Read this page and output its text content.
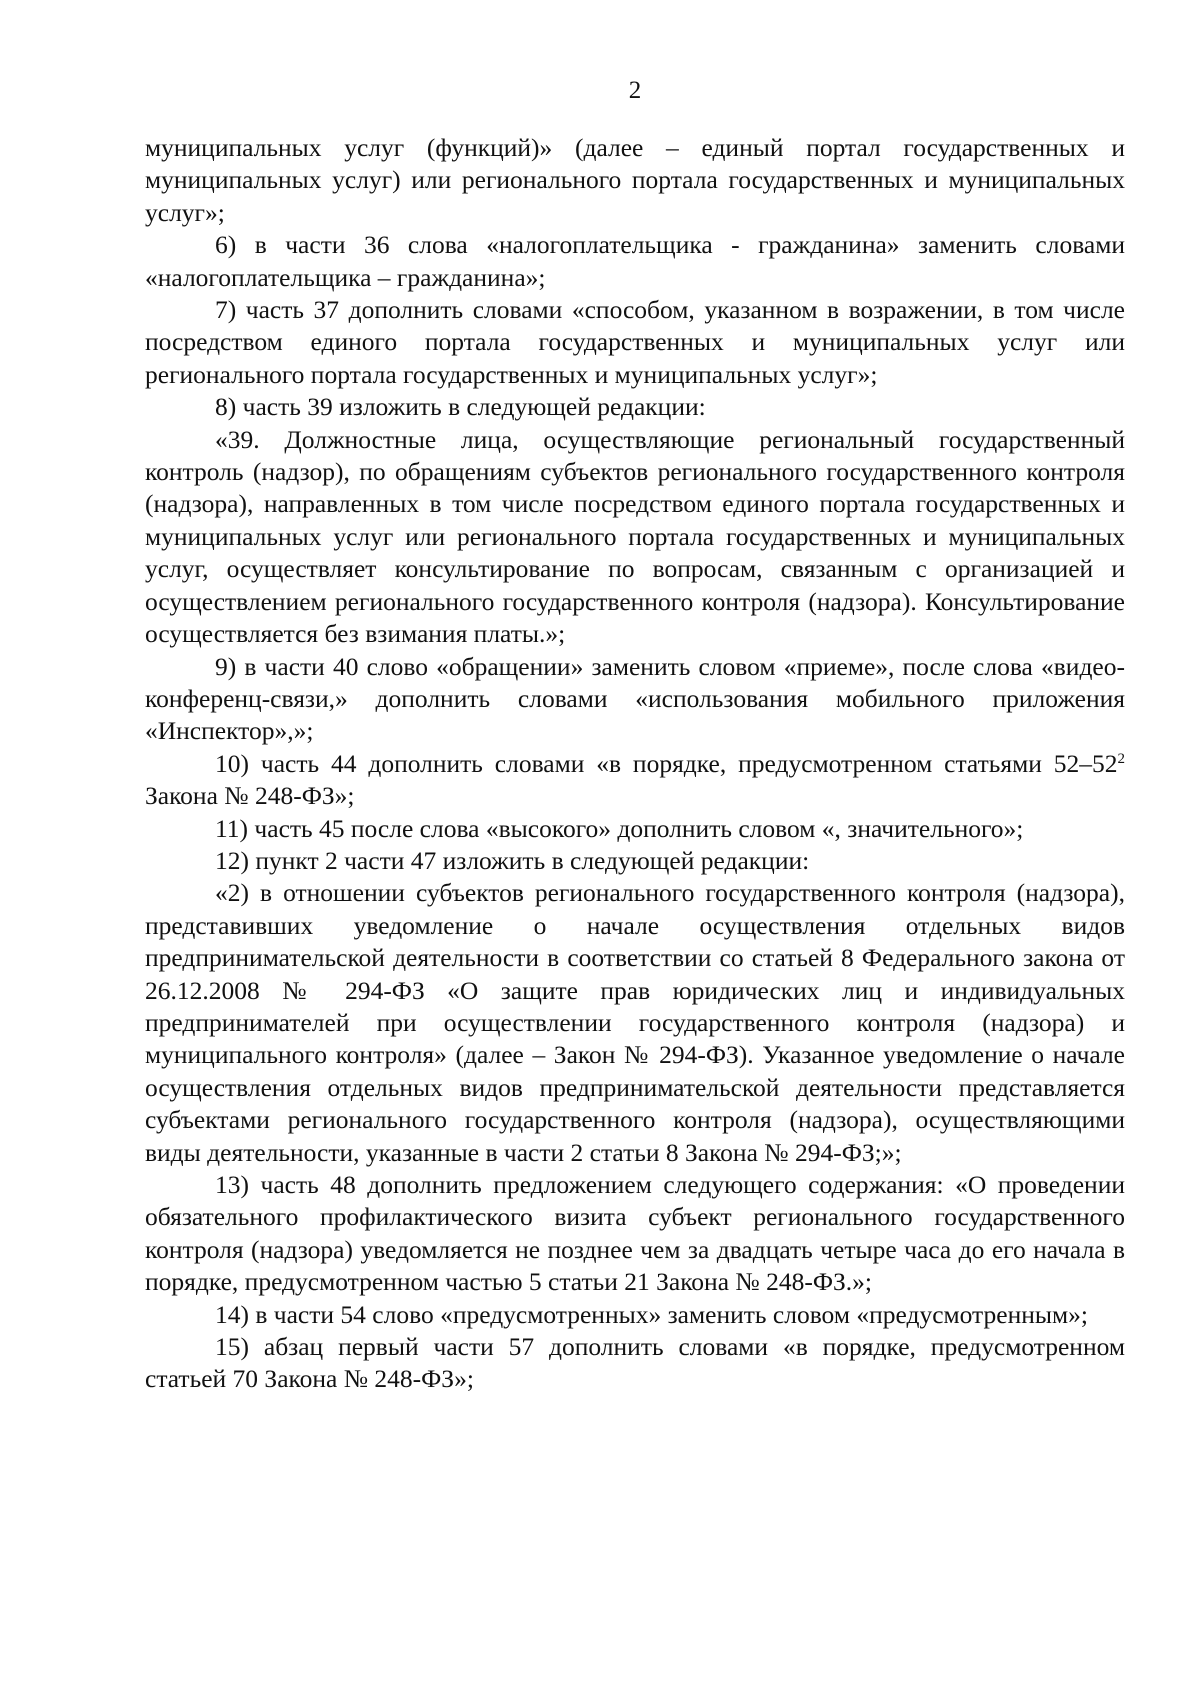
2

муниципальных услуг (функций)» (далее – единый портал государственных и муниципальных услуг) или регионального портала государственных и муниципальных услуг»;

6) в части 36 слова «налогоплательщика - гражданина» заменить словами «налогоплательщика – гражданина»;

7) часть 37 дополнить словами «способом, указанном в возражении, в том числе посредством единого портала государственных и муниципальных услуг или регионального портала государственных и муниципальных услуг»;

8) часть 39 изложить в следующей редакции:

«39. Должностные лица, осуществляющие региональный государственный контроль (надзор), по обращениям субъектов регионального государственного контроля (надзора), направленных в том числе посредством единого портала государственных и муниципальных услуг или регионального портала государственных и муниципальных услуг, осуществляет консультирование по вопросам, связанным с организацией и осуществлением регионального государственного контроля (надзора). Консультирование осуществляется без взимания платы.»;

9) в части 40 слово «обращении» заменить словом «приеме», после слова «видео-конференц-связи,» дополнить словами «использования мобильного приложения «Инспектор»,»;

10) часть 44 дополнить словами «в порядке, предусмотренном статьями $52-52^2$ Закона № 248-ФЗ»;

11) часть 45 после слова «высокого» дополнить словом «, значительного»;

12) пункт 2 части 47 изложить в следующей редакции:

«2) в отношении субъектов регионального государственного контроля (надзора), представивших уведомление о начале осуществления отдельных видов предпринимательской деятельности в соответствии со статьей 8 Федерального закона от 26.12.2008 № 294-ФЗ «О защите прав юридических лиц и индивидуальных предпринимателей при осуществлении государственного контроля (надзора) и муниципального контроля» (далее – Закон № 294-ФЗ). Указанное уведомление о начале осуществления отдельных видов предпринимательской деятельности представляется субъектами регионального государственного контроля (надзора), осуществляющими виды деятельности, указанные в части 2 статьи 8 Закона № 294-ФЗ;»;

13) часть 48 дополнить предложением следующего содержания: «О проведении обязательного профилактического визита субъект регионального государственного контроля (надзора) уведомляется не позднее чем за двадцать четыре часа до его начала в порядке, предусмотренном частью 5 статьи 21 Закона № 248-ФЗ.»;

14) в части 54 слово «предусмотренных» заменить словом «предусмотренным»;

15) абзац первый части 57 дополнить словами «в порядке, предусмотренном статьей 70 Закона № 248-ФЗ»;
